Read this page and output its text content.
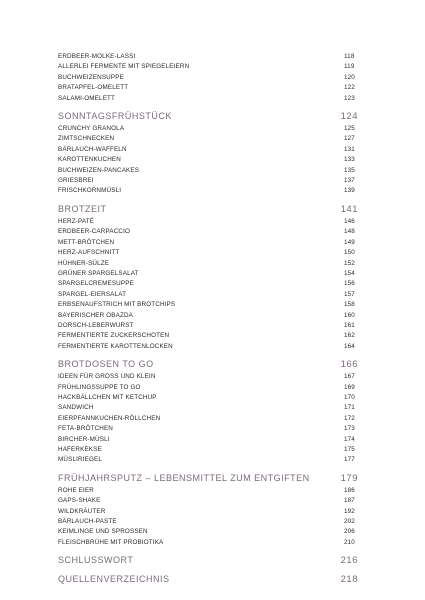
ERDBEER-MOLKE-LASSI	118
ALLERLEI FERMENTE MIT SPIEGELEIERN	119
BUCHWEIZENSUPPE	120
BRATAPFEL-OMELETT	122
SALAMI-OMELETT	123
SONNTAGSFRÜHSTÜCK	124
CRUNCHY GRANOLA	125
ZIMTSCHNECKEN	127
BÄRLAUCH-WAFFELN	131
KAROTTENKUCHEN	133
BUCHWEIZEN-PANCAKES	135
GRIESBREI	137
FRISCHKORNMÜSLI	139
BROTZEIT	141
HERZ-PATÉ	146
ERDBEER-CARPACCIO	148
METT-BRÖTCHEN	149
HERZ-AUFSCHNITT	150
HÜHNER-SÜLZE	152
GRÜNER SPARGELSALAT	154
SPARGELCREMESUPPE	156
SPARGEL-EIERSALAT	157
ERBSENAUFSTRICH MIT BROTCHIPS	158
BAYERISCHER OBAZDA	160
DORSCH-LEBERWURST	161
FERMENTIERTE ZUCKERSCHOTEN	162
FERMENTIERTE KAROTTENLOCKEN	164
BROTDOSEN TO GO	166
IDEEN FÜR GROSS UND KLEIN	167
FRÜHLINGSSUPPE TO GO	169
HACKBÄLLCHEN MIT KETCHUP	170
SANDWICH	171
EIERPFANNKUCHEN-RÖLLCHEN	172
FETA-BRÖTCHEN	173
BIRCHER-MÜSLI	174
HAFERKEKSE	175
MÜSLIRIEGEL	177
FRÜHJAHRSPUTZ – LEBENSMITTEL ZUM ENTGIFTEN	179
ROHE EIER	186
GAPS-SHAKE	187
WILDKRÄUTER	192
BÄRLAUCH-PASTE	202
KEIMLINGE UND SPROSSEN	206
FLEISCHBRÜHE MIT PROBIOTIKA	210
SCHLUSSWORT	216
QUELLENVERZEICHNIS	218
